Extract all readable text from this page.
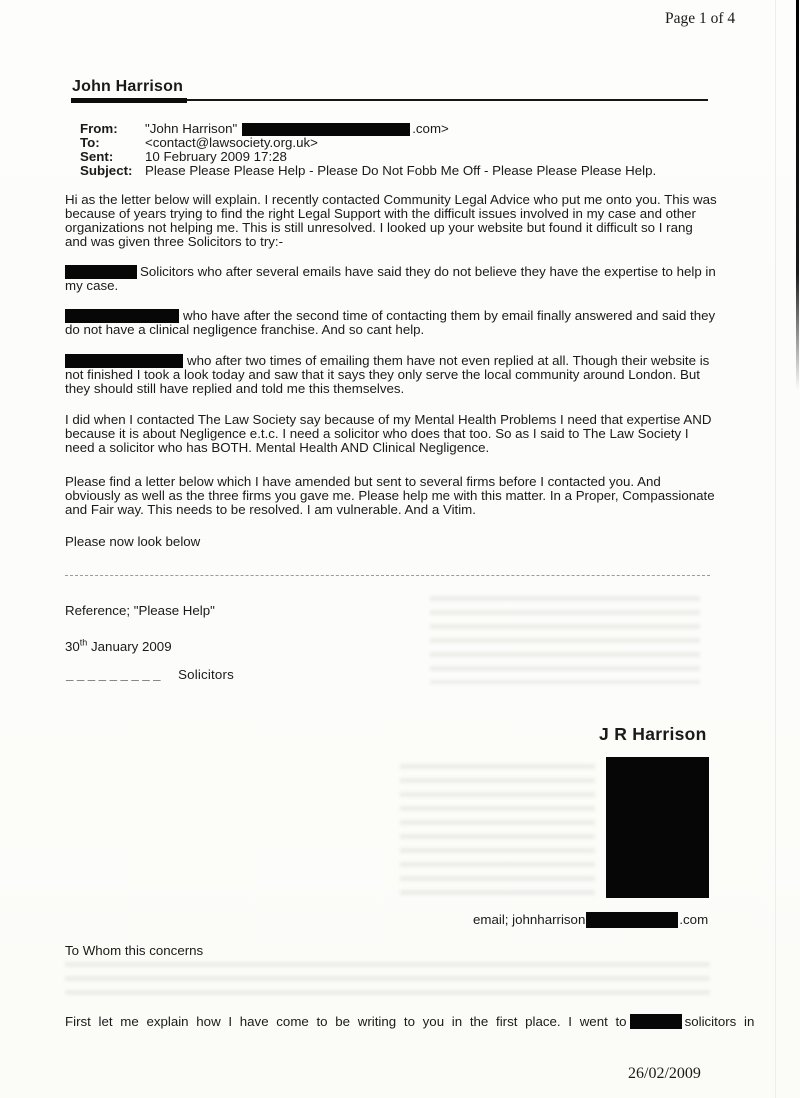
Page 1 of 4
John Harrison
From:	"John Harrison"	.com>
To:	<contact@lawsociety.org.uk>
Sent:	10 February 2009 17:28
Subject: Please Please Please Help - Please Do Not Fobb Me Off - Please Please Please Help.

Hi as the letter below will explain. I recently contacted Community Legal Advice who put me onto you. This was because of years trying to find the right Legal Support with the difficult issues involved in my case and other organizations not helping me. This is still unresolved. I looked up your website but found it difficult so I rang and was given three Solicitors to try:-

Solicitors who after several emails have said they do not believe they have the expertise to help in my case.

who have after the second time of contacting them by email finally answered and said they do not have a clinical negligence franchise. And so cant help.

who after two times of emailing them have not even replied at all. Though their website is not finished I took a look today and saw that it says they only serve the local community around London. But they should still have replied and told me this themselves.

I did when I contacted The Law Society say because of my Mental Health Problems I need that expertise AND because it is about Negligence e.t.c. I need a solicitor who does that too. So as I said to The Law Society I need a solicitor who has BOTH. Mental Health AND Clinical Negligence.

Please find a letter below which I have amended but sent to several firms before I contacted you. And obviously as well as the three firms you gave me. Please help me with this matter. In a Proper, Compassionate and Fair way. This needs to be resolved. I am vulnerable. And a Vitim.

Please now look below

Reference; "Please Help"
30th January 2009
_________ Solicitors
J R Harrison
email; johnharrison	.com
To Whom this concerns
First let me explain how I have come to be writing to you in the first place. I went to	solicitors in
26/02/2009
